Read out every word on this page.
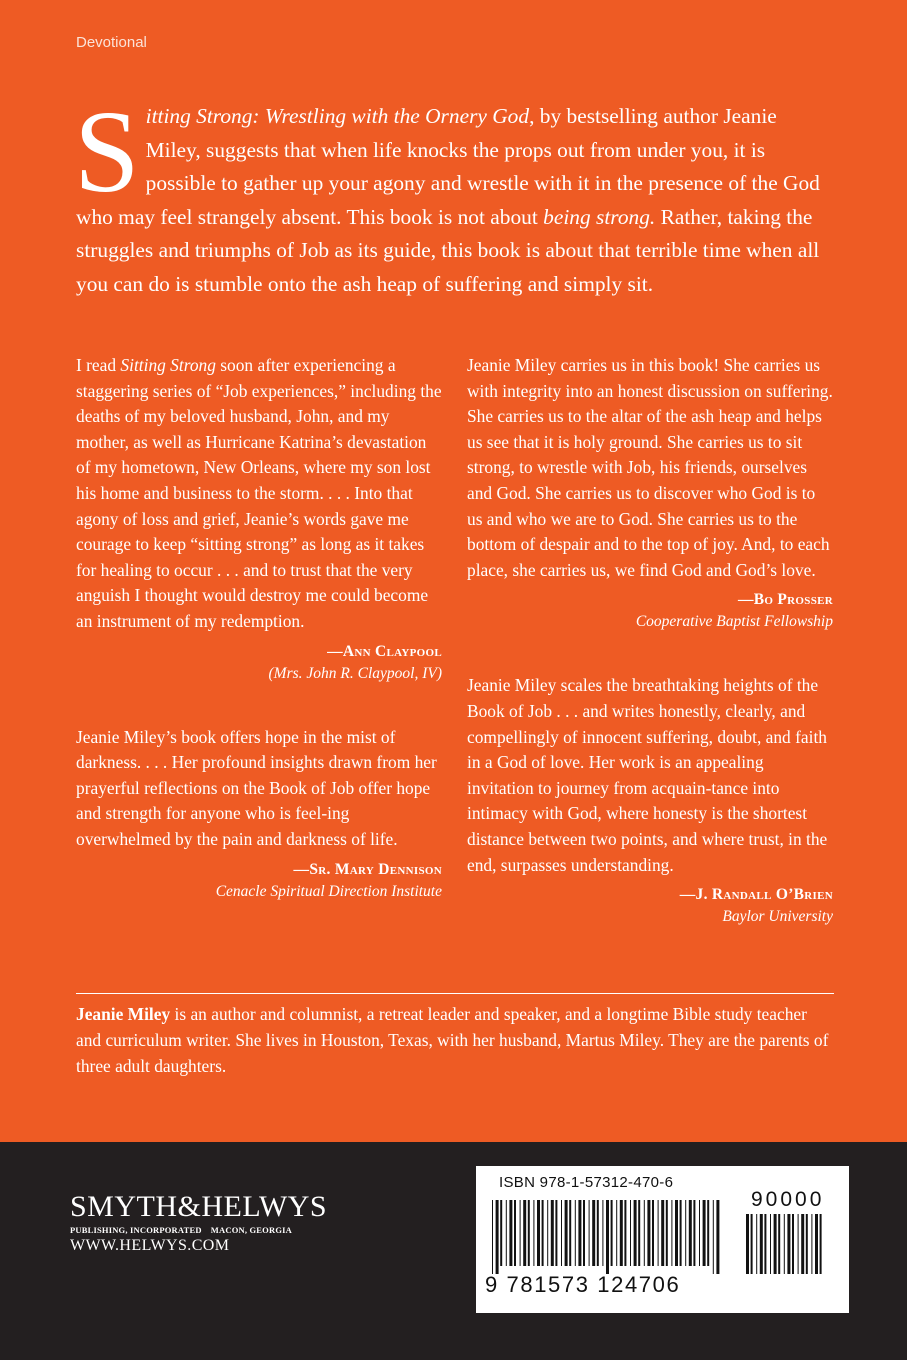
Devotional
Sitting Strong: Wrestling with the Ornery God, by bestselling author Jeanie Miley, suggests that when life knocks the props out from under you, it is possible to gather up your agony and wrestle with it in the presence of the God who may feel strangely absent. This book is not about being strong. Rather, taking the struggles and triumphs of Job as its guide, this book is about that terrible time when all you can do is stumble onto the ash heap of suffering and simply sit.

I read Sitting Strong soon after experiencing a staggering series of “Job experiences,” including the deaths of my beloved husband, John, and my mother, as well as Hurricane Katrina’s devastation of my hometown, New Orleans, where my son lost his home and business to the storm. . . . Into that agony of loss and grief, Jeanie’s words gave me courage to keep “sitting strong” as long as it takes for healing to occur . . . and to trust that the very anguish I thought would destroy me could become an instrument of my redemption.

—Ann Claypool
(Mrs. John R. Claypool, IV)

Jeanie Miley’s book offers hope in the mist of darkness. . . . Her profound insights drawn from her prayerful reflections on the Book of Job offer hope and strength for anyone who is feel-ing overwhelmed by the pain and darkness of life.

—Sr. Mary Dennison
Cenacle Spiritual Direction Institute

Jeanie Miley carries us in this book! She carries us with integrity into an honest discussion on suffering. She carries us to the altar of the ash heap and helps us see that it is holy ground. She carries us to sit strong, to wrestle with Job, his friends, ourselves and God. She carries us to discover who God is to us and who we are to God. She carries us to the bottom of despair and to the top of joy. And, to each place, she carries us, we find God and God’s love.

—Bo Prosser
Cooperative Baptist Fellowship

Jeanie Miley scales the breathtaking heights of the Book of Job . . . and writes honestly, clearly, and compellingly of innocent suffering, doubt, and faith in a God of love. Her work is an appealing invitation to journey from acquain-tance into intimacy with God, where honesty is the shortest distance between two points, and where trust, in the end, surpasses understanding.

—J. Randall O’Brien
Baylor University
Jeanie Miley is an author and columnist, a retreat leader and speaker, and a longtime Bible study teacher and curriculum writer. She lives in Houston, Texas, with her husband, Martus Miley. They are the parents of three adult daughters.
SMYTH&HELWYS
PUBLISHING, INCORPORATED MACON, GEORGIA
WWW.HELWYS.COM
ISBN 978-1-57312-470-6
9 781573 124706
90000
